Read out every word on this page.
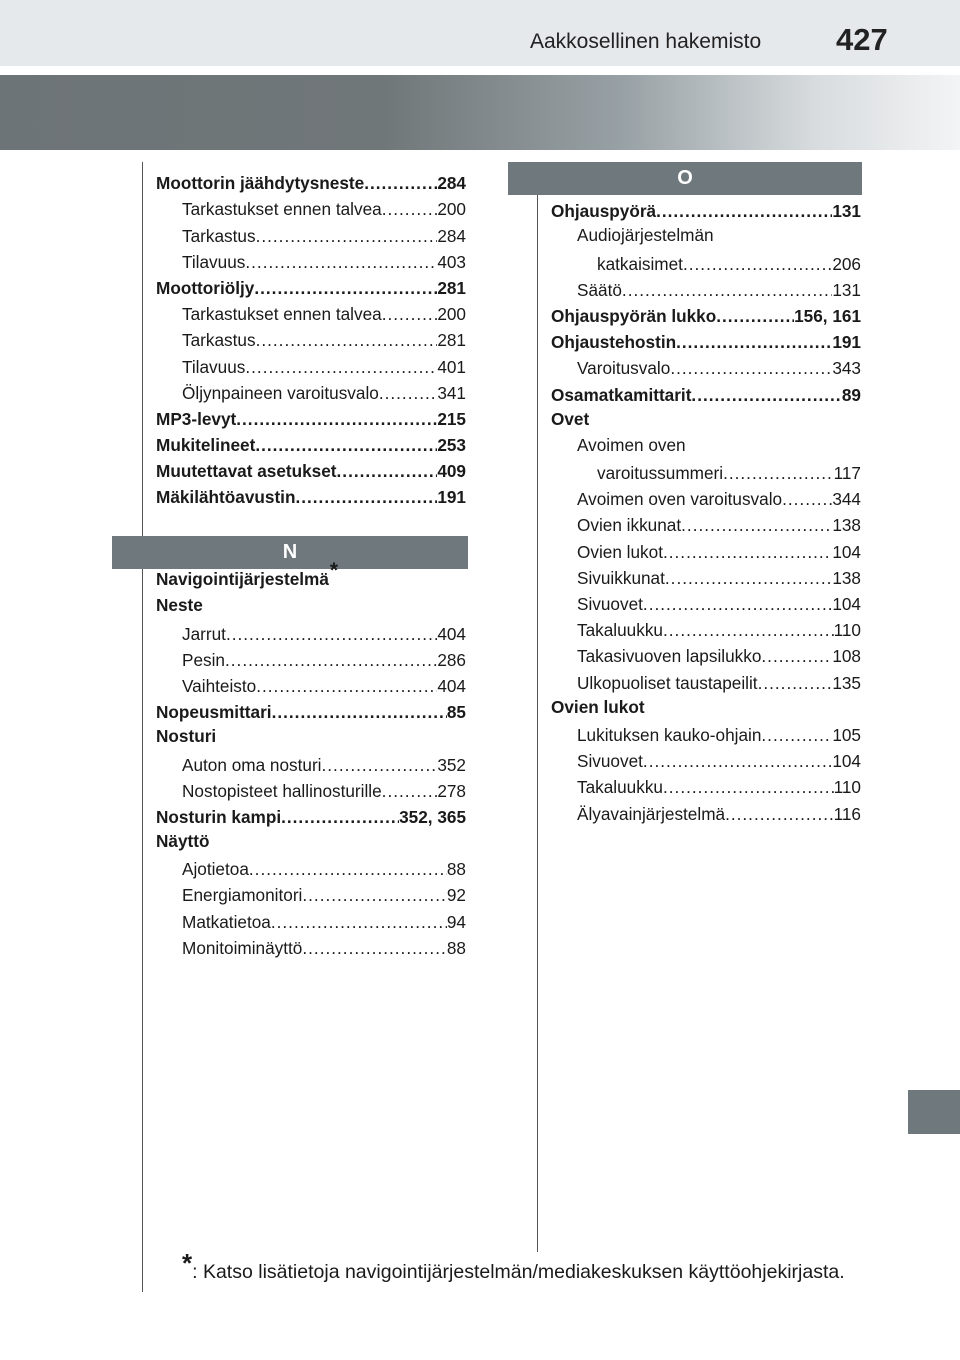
Aakkosellinen hakemisto 427
O
N
Moottorin jäähdytysneste .....	284
Tarkastukset ennen talvea .....	200
Tarkastus .....	284
Tilavuus .....	403
Moottoriöljy .....	281
Tarkastukset ennen talvea .....	200
Tarkastus .....	281
Tilavuus .....	401
Öljynpaineen varoitusvalo .....	341
MP3-levyt .....	215
Mukitelineet .....	253
Muutettavat asetukset .....	409
Mäkilähtöavustin .....	191
Navigointijärjestelmä*
Neste
Jarrut .....	404
Pesin .....	286
Vaihteisto .....	404
Nopeusmittari .....	85
Nosturi
Auton oma nosturi .....	352
Nostopisteet hallinosturille .....	278
Nosturin kampi .....	352, 365
Näyttö
Ajotietoa .....	88
Energiamonitori .....	92
Matkatietoa .....	94
Monitoiminäyttö .....	88
Ohjauspyörä .....	131
Audiojärjestelmän
katkaisimet .....	206
Säätö .....	131
Ohjauspyörän lukko .....	156, 161
Ohjaustehostin .....	191
Varoitusvalo .....	343
Osamatkamittarit .....	89
Ovet
Avoimen oven
varoitussummeri .....	117
Avoimen oven varoitusvalo .....	344
Ovien ikkunat .....	138
Ovien lukot .....	104
Sivuikkunat .....	138
Sivuovet .....	104
Takaluukku .....	110
Takasivuoven lapsilukko .....	108
Ulkopuoliset taustapeilit .....	135
Ovien lukot
Lukituksen kauko-ohjain .....	105
Sivuovet .....	104
Takaluukku .....	110
Älyavainjärjestelmä .....	116
*: Katso lisätietoja navigointijärjestelmän/mediakeskuksen käyttöohjekirjasta.
